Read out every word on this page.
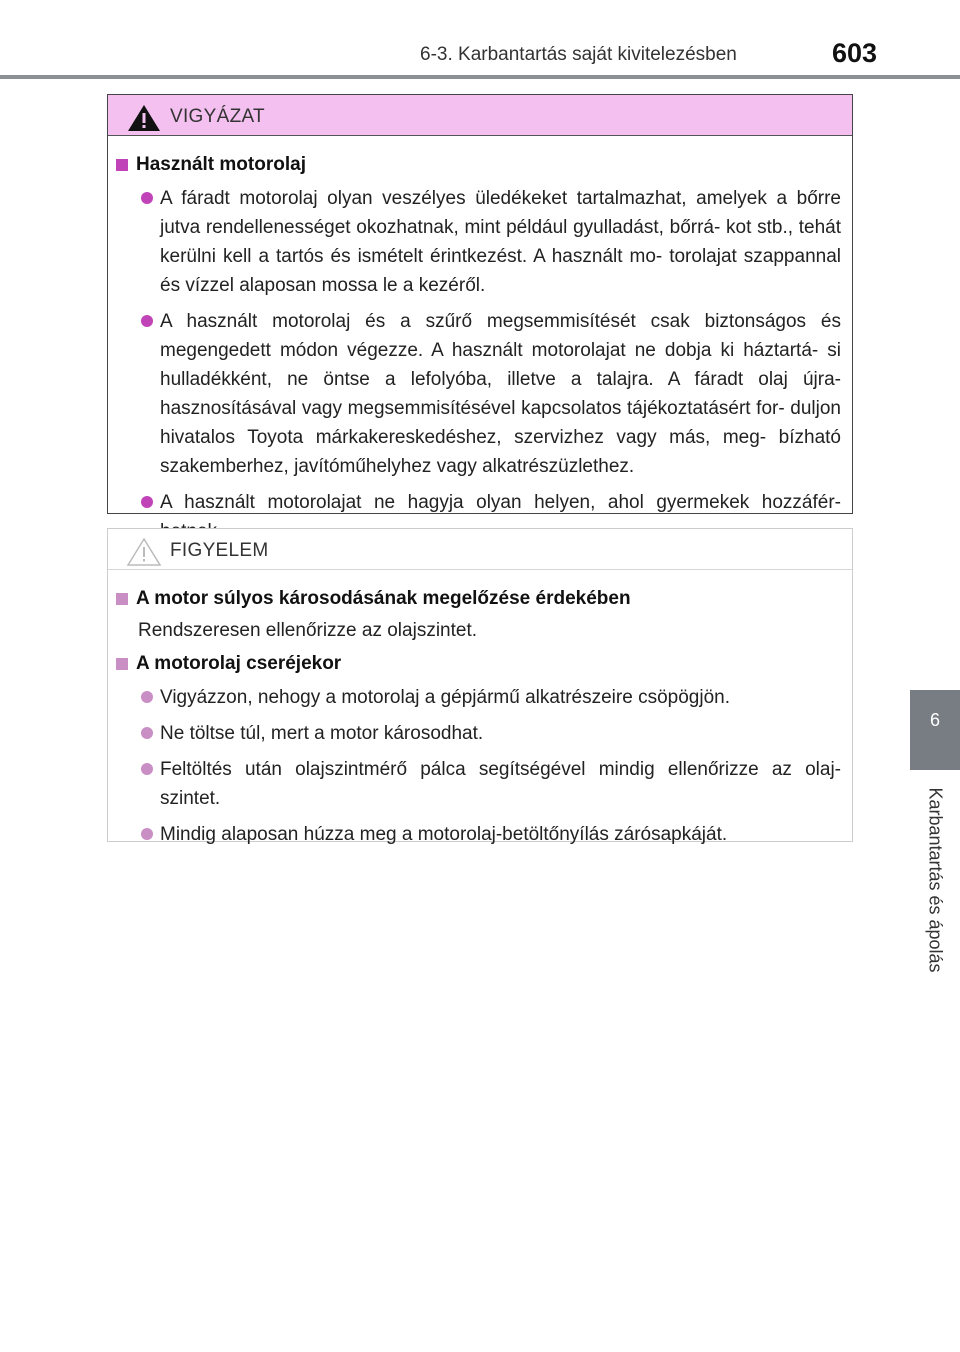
6-3. Karbantartás saját kivitelezésben	603
6
Karbantartás és ápolás
VIGYÁZAT
Használt motorolaj
A fáradt motorolaj olyan veszélyes üledékeket tartalmazhat, amelyek a bőrre jutva rendellenességet okozhatnak, mint például gyulladást, bőrrá- kot stb., tehát kerülni kell a tartós és ismételt érintkezést. A használt mo- torolajat szappannal és vízzel alaposan mossa le a kezéről.
A használt motorolaj és a szűrő megsemmisítését csak biztonságos és megengedett módon végezze. A használt motorolajat ne dobja ki háztartá- si hulladékként, ne öntse a lefolyóba, illetve a talajra. A fáradt olaj újra- hasznosításával vagy megsemmisítésével kapcsolatos tájékoztatásért for- duljon hivatalos Toyota márkakereskedéshez, szervizhez vagy más, meg- bízható szakemberhez, javítóműhelyhez vagy alkatrészüzlethez.
A használt motorolajat ne hagyja olyan helyen, ahol gyermekek hozzáfér-
FIGYELEM
A motor súlyos károsodásának megelőzése érdekében
Rendszeresen ellenőrizze az olajszintet.
A motorolaj cseréjekor
Vigyázzon, nehogy a motorolaj a gépjármű alkatrészeire csöpögjön.
Ne töltse túl, mert a motor károsodhat.
Feltöltés után olajszintmérő pálca segítségével mindig ellenőrizze az olaj- szintet.
Mindig alaposan húzza meg a motorolaj-betöltőnyílás zárósapkáját.
